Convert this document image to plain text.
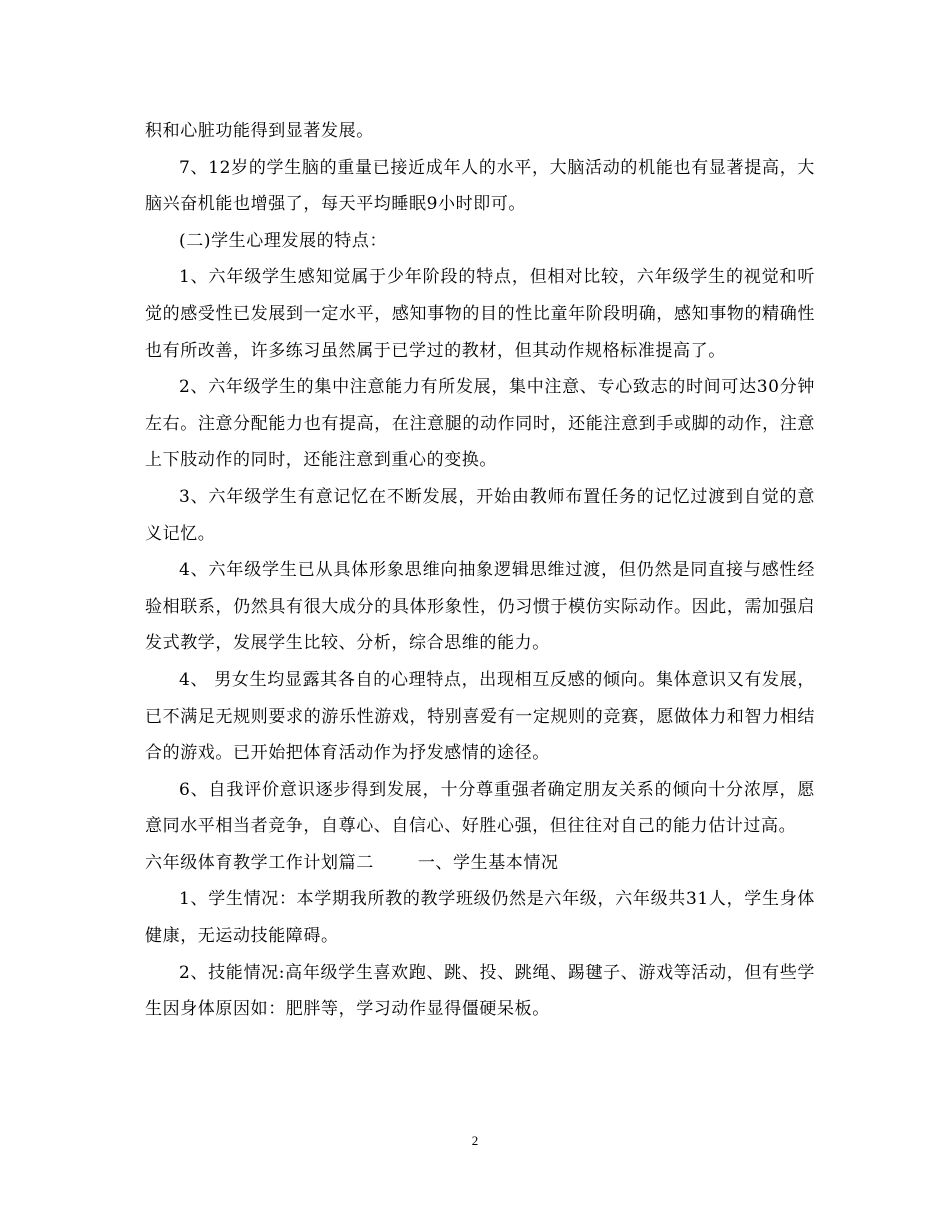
积和心脏功能得到显著发展。

7、12岁的学生脑的重量已接近成年人的水平，大脑活动的机能也有显著提高，大脑兴奋机能也增强了，每天平均睡眠9小时即可。

(二)学生心理发展的特点：

1、六年级学生感知觉属于少年阶段的特点，但相对比较，六年级学生的视觉和听觉的感受性已发展到一定水平，感知事物的目的性比童年阶段明确，感知事物的精确性也有所改善，许多练习虽然属于已学过的教材，但其动作规格标准提高了。

2、六年级学生的集中注意能力有所发展，集中注意、专心致志的时间可达30分钟左右。注意分配能力也有提高，在注意腿的动作同时，还能注意到手或脚的动作，注意上下肢动作的同时，还能注意到重心的变换。

3、六年级学生有意记忆在不断发展，开始由教师布置任务的记忆过渡到自觉的意义记忆。

4、六年级学生已从具体形象思维向抽象逻辑思维过渡，但仍然是同直接与感性经验相联系，仍然具有很大成分的具体形象性，仍习惯于模仿实际动作。因此，需加强启发式教学，发展学生比较、分析，综合思维的能力。

4、 男女生均显露其各自的心理特点，出现相互反感的倾向。集体意识又有发展，已不满足无规则要求的游乐性游戏，特别喜爱有一定规则的竞赛，愿做体力和智力相结合的游戏。已开始把体育活动作为抒发感情的途径。

6、自我评价意识逐步得到发展，十分尊重强者确定朋友关系的倾向十分浓厚，愿意同水平相当者竞争，自尊心、自信心、好胜心强，但往往对自己的能力估计过高。

六年级体育教学工作计划篇二	一、学生基本情况

1、学生情况：本学期我所教的教学班级仍然是六年级，六年级共31人，学生身体健康，无运动技能障碍。

2、技能情况:高年级学生喜欢跑、跳、投、跳绳、踢毽子、游戏等活动，但有些学生因身体原因如：肥胖等，学习动作显得僵硬呆板。

2
